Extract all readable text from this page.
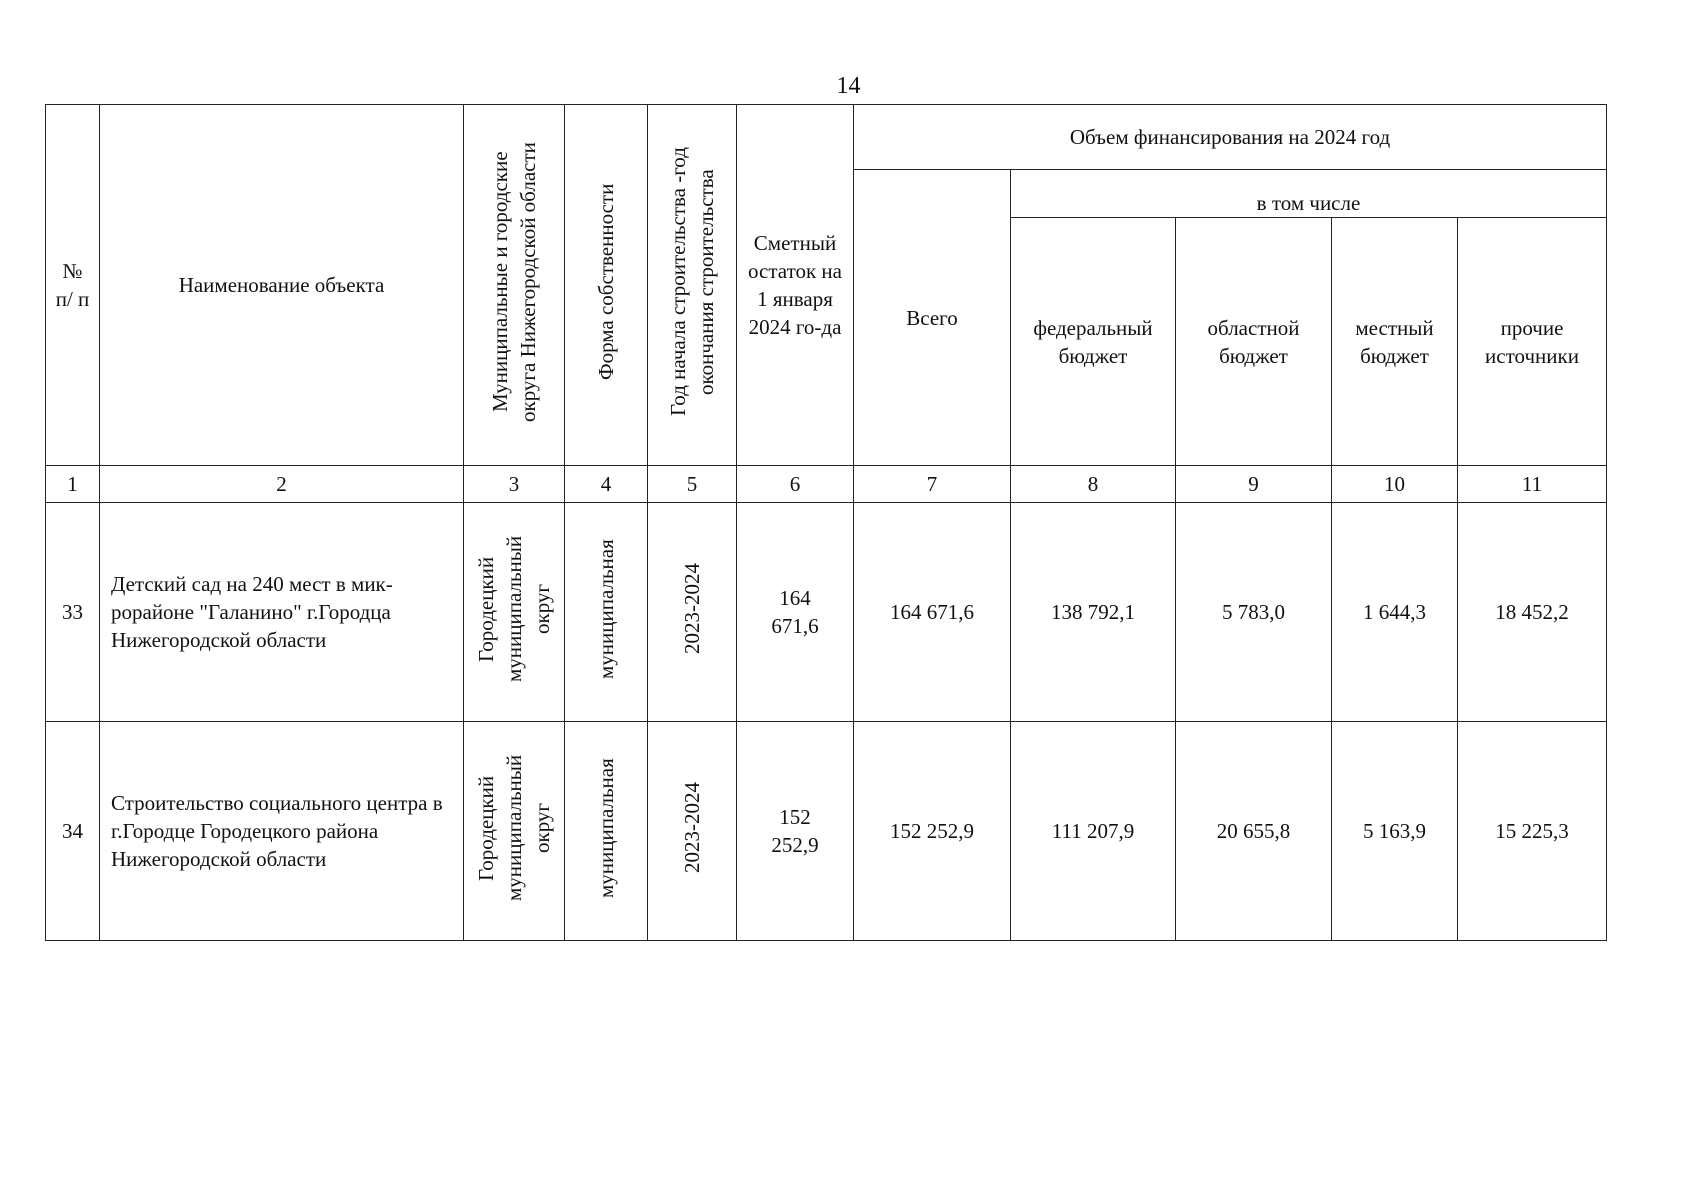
14
№ п/ п	Наименование объекта	Муниципальные и городские округа Нижегородской области	Форма собственности	Год начала строительства -год окончания строительства	Сметный остаток на 1 января 2024 го-да	Объем финансирования на 2024 год				
						Всего	в том числе			
							федеральный бюджет	областной бюджет	местный бюджет	прочие источники
1	2	3	4	5	6	7	8	9	10	11
33	Детский сад на 240 мест в мик-рорайоне "Галанино" г.Городца Нижегородской области	Городецкий муниципальный округ	муниципальная	2023-2024	164 671,6	164 671,6	138 792,1	5 783,0	1 644,3	18 452,2
34	Строительство социального центра в г.Городце Городецкого района Нижегородской области	Городецкий муниципальный округ	муниципальная	2023-2024	152 252,9	152 252,9	111 207,9	20 655,8	5 163,9	15 225,3
